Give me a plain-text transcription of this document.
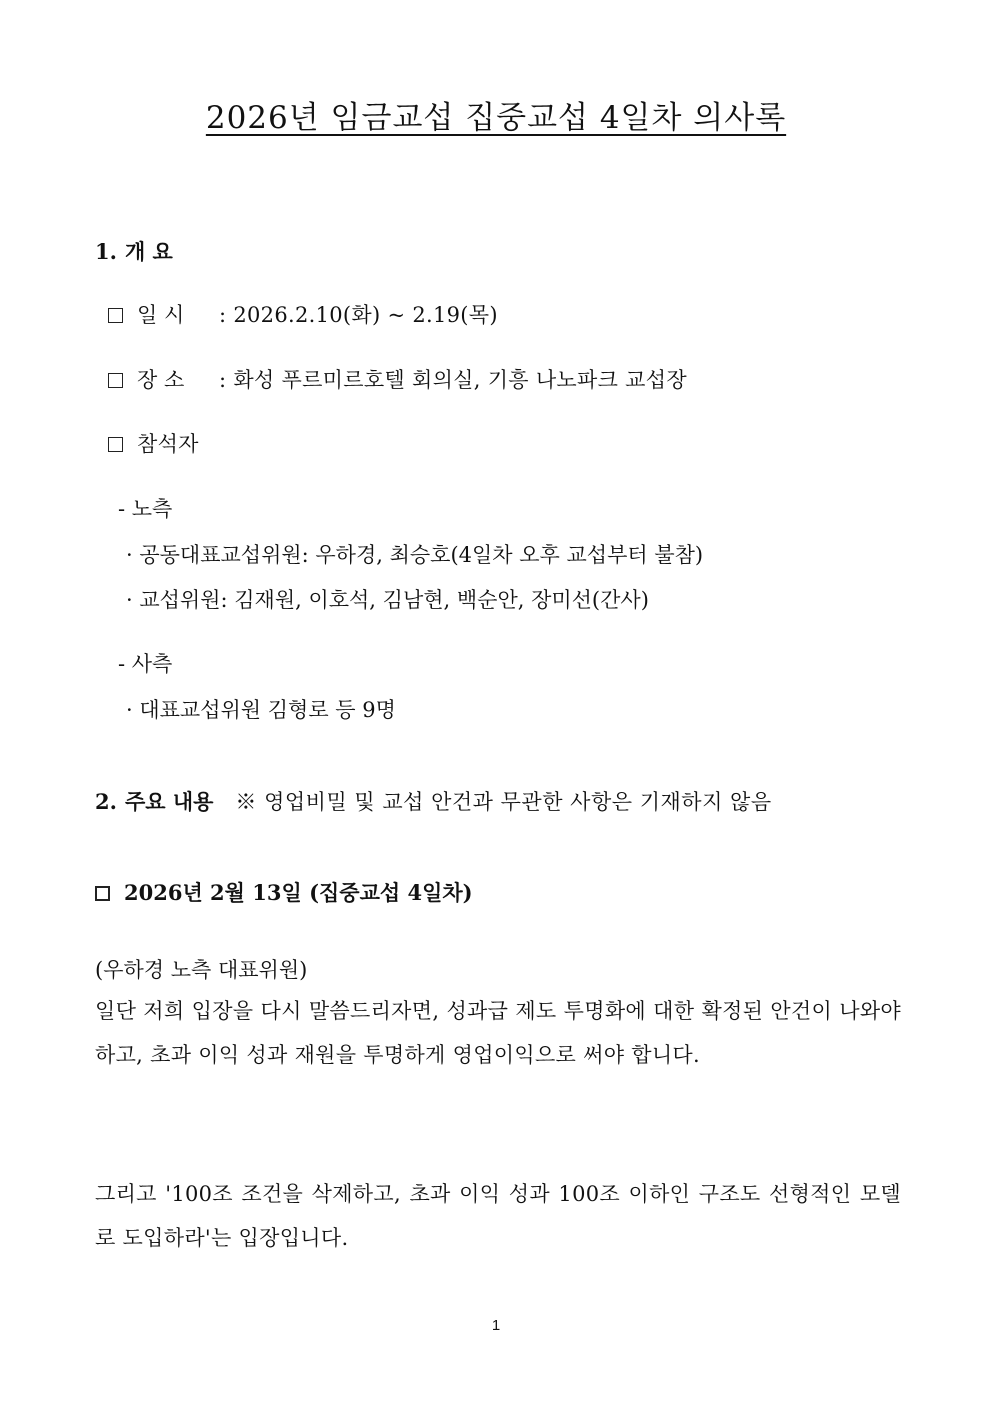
2026년 임금교섭 집중교섭 4일차 의사록
1. 개 요
일 시 : 2026.2.10(화) ~ 2.19(목)
장 소 : 화성 푸르미르호텔 회의실, 기흥 나노파크 교섭장
참석자
- 노측
· 공동대표교섭위원: 우하경, 최승호(4일차 오후 교섭부터 불참)
· 교섭위원: 김재원, 이호석, 김남현, 백순안, 장미선(간사)
- 사측
· 대표교섭위원 김형로 등 9명
2. 주요 내용 ※ 영업비밀 및 교섭 안건과 무관한 사항은 기재하지 않음
2026년 2월 13일 (집중교섭 4일차)
(우하경 노측 대표위원)
일단 저희 입장을 다시 말씀드리자면, 성과급 제도 투명화에 대한 확정된 안건이 나와야 하고, 초과 이익 성과 재원을 투명하게 영업이익으로 써야 합니다.
그리고 '100조 조건을 삭제하고, 초과 이익 성과 100조 이하인 구조도 선형적인 모델로 도입하라'는 입장입니다.
1
